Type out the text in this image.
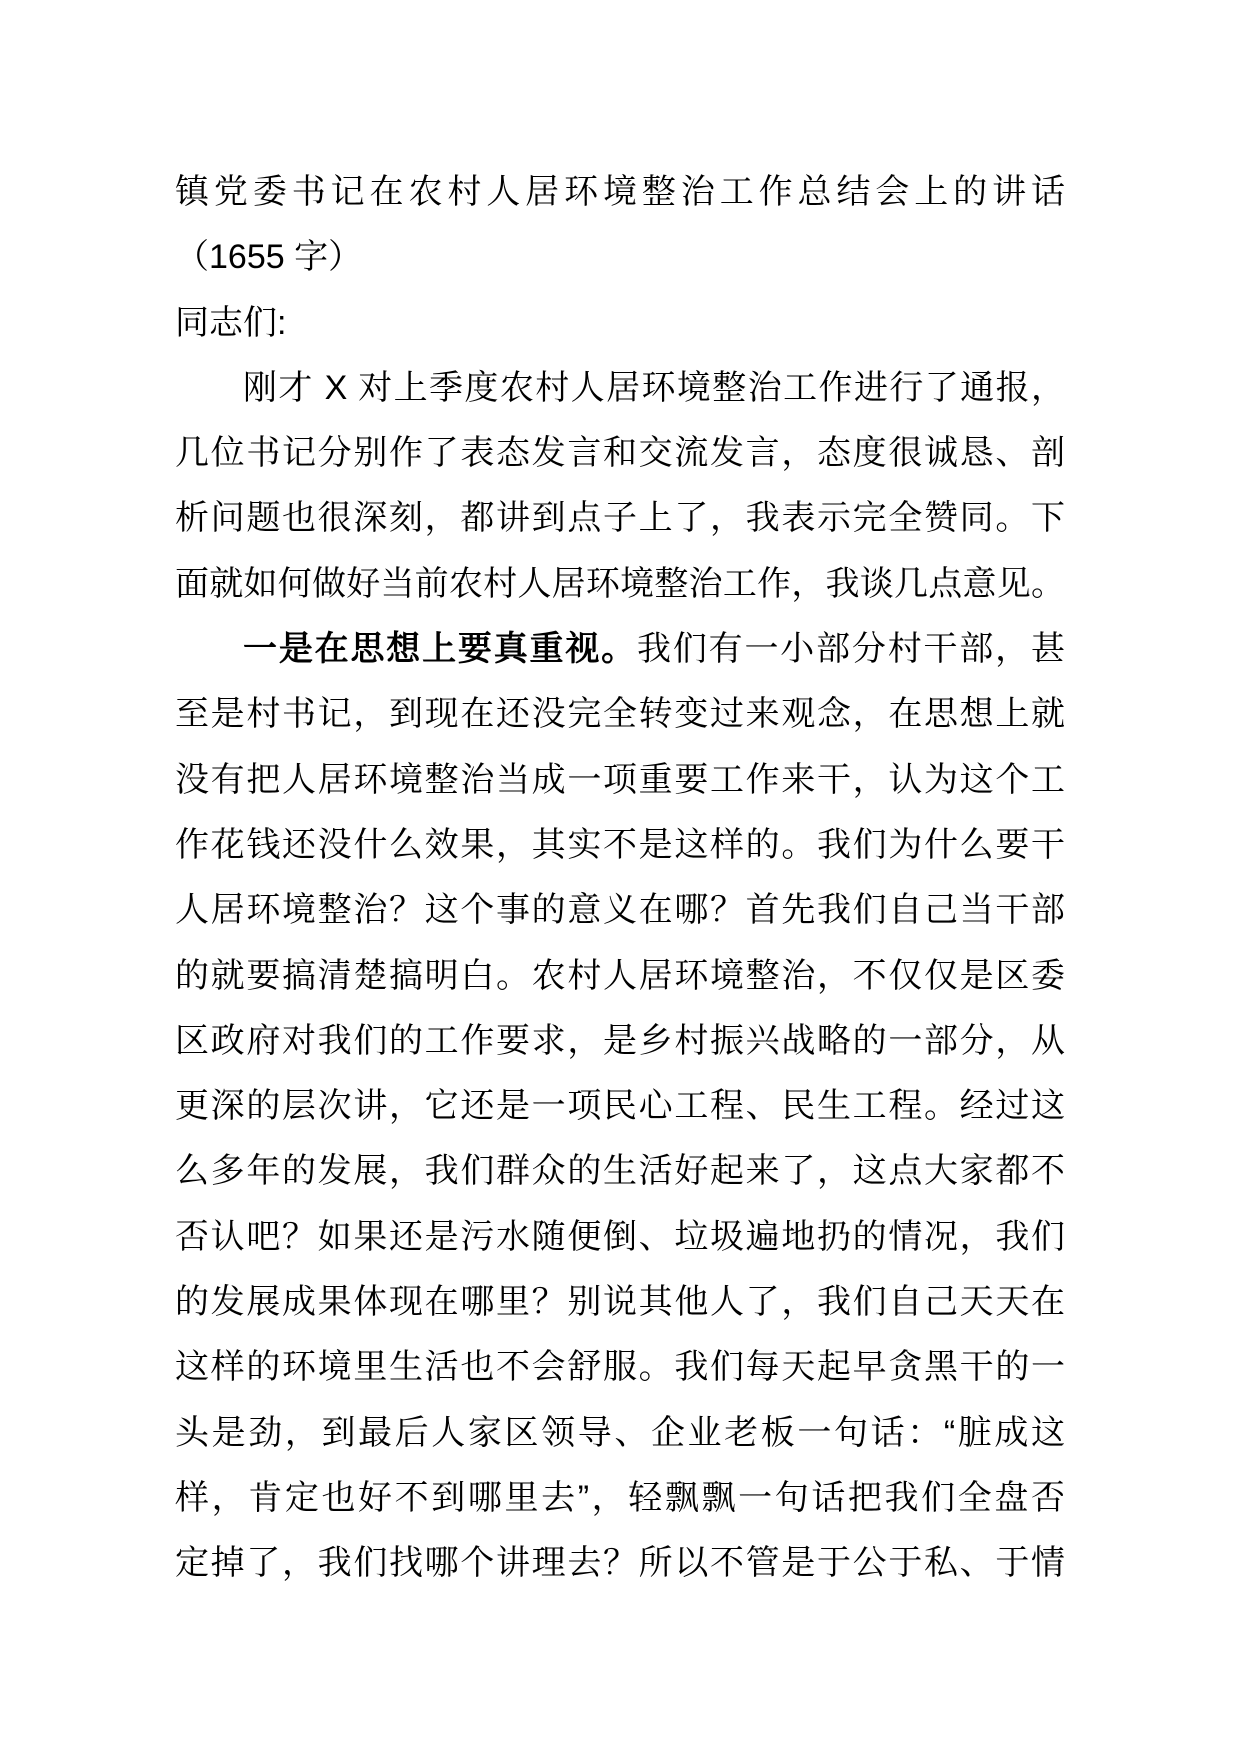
镇党委书记在农村人居环境整治工作总结会上的讲话
（1655 字）
同志们:
刚才 X 对上季度农村人居环境整治工作进行了通报，
几位书记分别作了表态发言和交流发言，态度很诚恳、剖
析问题也很深刻，都讲到点子上了，我表示完全赞同。下
面就如何做好当前农村人居环境整治工作，我谈几点意见。
一是在思想上要真重视。我们有一小部分村干部，甚
至是村书记，到现在还没完全转变过来观念，在思想上就
没有把人居环境整治当成一项重要工作来干，认为这个工
作花钱还没什么效果，其实不是这样的。我们为什么要干
人居环境整治？这个事的意义在哪？首先我们自己当干部
的就要搞清楚搞明白。农村人居环境整治，不仅仅是区委
区政府对我们的工作要求，是乡村振兴战略的一部分，从
更深的层次讲，它还是一项民心工程、民生工程。经过这
么多年的发展，我们群众的生活好起来了，这点大家都不
否认吧？如果还是污水随便倒、垃圾遍地扔的情况，我们
的发展成果体现在哪里？别说其他人了，我们自己天天在
这样的环境里生活也不会舒服。我们每天起早贪黑干的一
头是劲，到最后人家区领导、企业老板一句话：“脏成这
样，肯定也好不到哪里去”，轻飘飘一句话把我们全盘否
定掉了，我们找哪个讲理去？所以不管是于公于私、于情
